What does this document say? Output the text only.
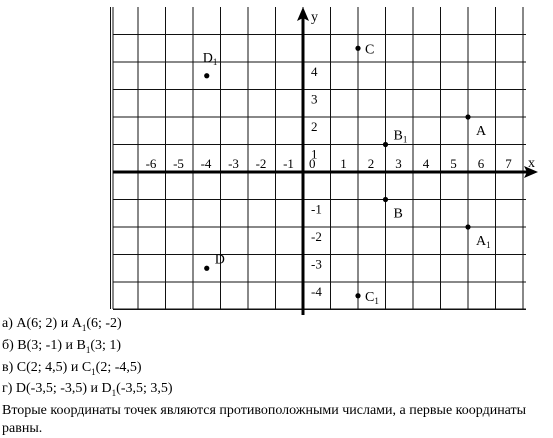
x
y
0
-6 -5 -4 -3 -2 -1	1 2 3 4 5 6 7
4
3
2
1
-1
-2
-3
-4
A
$A_1$
B
$B_1$
C
$C_1$
D
$D_1$
а) A(6; 2) и $A_1(6$; -2)
б) B(3; -1) и $B_1(3$; 1)
в) C(2; 4,5) и $C_1(2$; -4,5)
г) D(-3,5; -3,5) и $D_1(-3,5$; 3,5)
Вторые координаты точек являются противоположными числами, а первые координаты равны.
